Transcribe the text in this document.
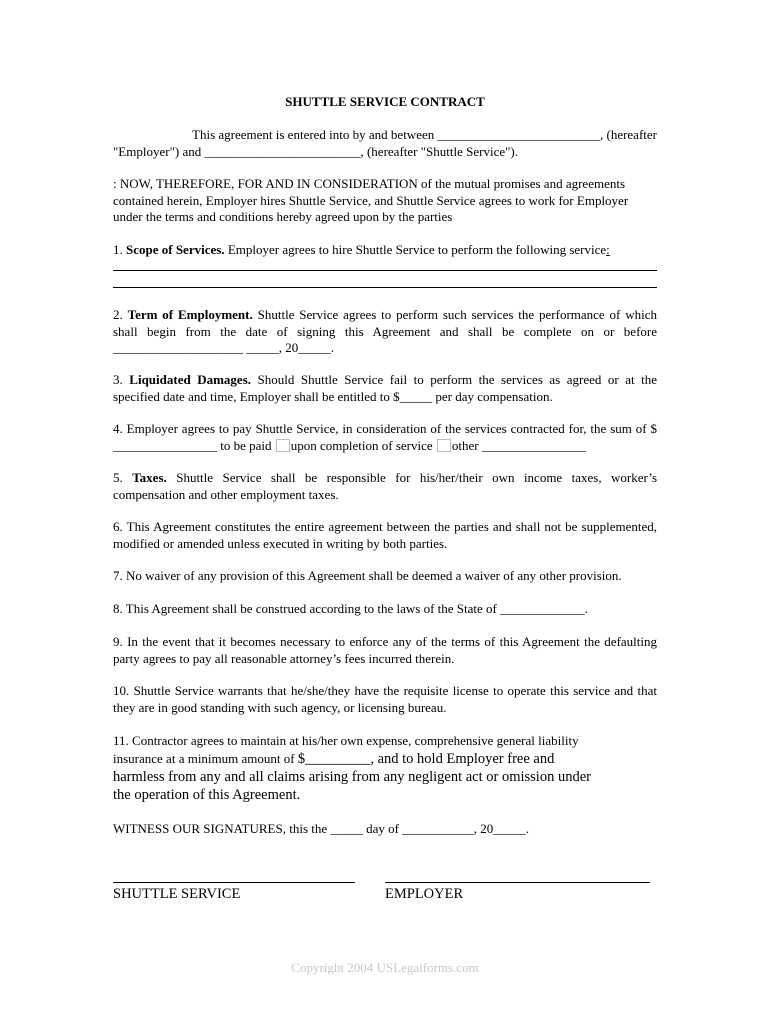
SHUTTLE SERVICE CONTRACT
This agreement is entered into by and between _________________________, (hereafter
"Employer") and ________________________, (hereafter "Shuttle Service").

: NOW, THEREFORE, FOR AND IN CONSIDERATION of the mutual promises and agreements contained herein, Employer hires Shuttle Service, and Shuttle Service agrees to work for Employer under the terms and conditions hereby agreed upon by the parties

1. Scope of Services. Employer agrees to hire Shuttle Service to perform the following service:

2. Term of Employment. Shuttle Service agrees to perform such services the performance of which shall begin from the date of signing this Agreement and shall be complete on or before ____________________ _____, 20_____.

3. Liquidated Damages. Should Shuttle Service fail to perform the services as agreed or at the specified date and time, Employer shall be entitled to $_____ per day compensation.

4. Employer agrees to pay Shuttle Service, in consideration of the services contracted for, the sum of $ ________________ to be paid upon completion of service other ________________

5. Taxes. Shuttle Service shall be responsible for his/her/their own income taxes, worker’s compensation and other employment taxes.

6. This Agreement constitutes the entire agreement between the parties and shall not be supplemented, modified or amended unless executed in writing by both parties.

7. No waiver of any provision of this Agreement shall be deemed a waiver of any other provision.

8. This Agreement shall be construed according to the laws of the State of _____________.

9. In the event that it becomes necessary to enforce any of the terms of this Agreement the defaulting party agrees to pay all reasonable attorney’s fees incurred therein.

10. Shuttle Service warrants that he/she/they have the requisite license to operate this service and that they are in good standing with such agency, or licensing bureau.

11. Contractor agrees to maintain at his/her own expense, comprehensive general liability
insurance at a minimum amount of $_________, and to hold Employer free and
harmless from any and all claims arising from any negligent act or omission under
the operation of this Agreement.

WITNESS OUR SIGNATURES, this the _____ day of ___________, 20_____.

SHUTTLE SERVICE	EMPLOYER
Copyright 2004 USLegalforms.com
